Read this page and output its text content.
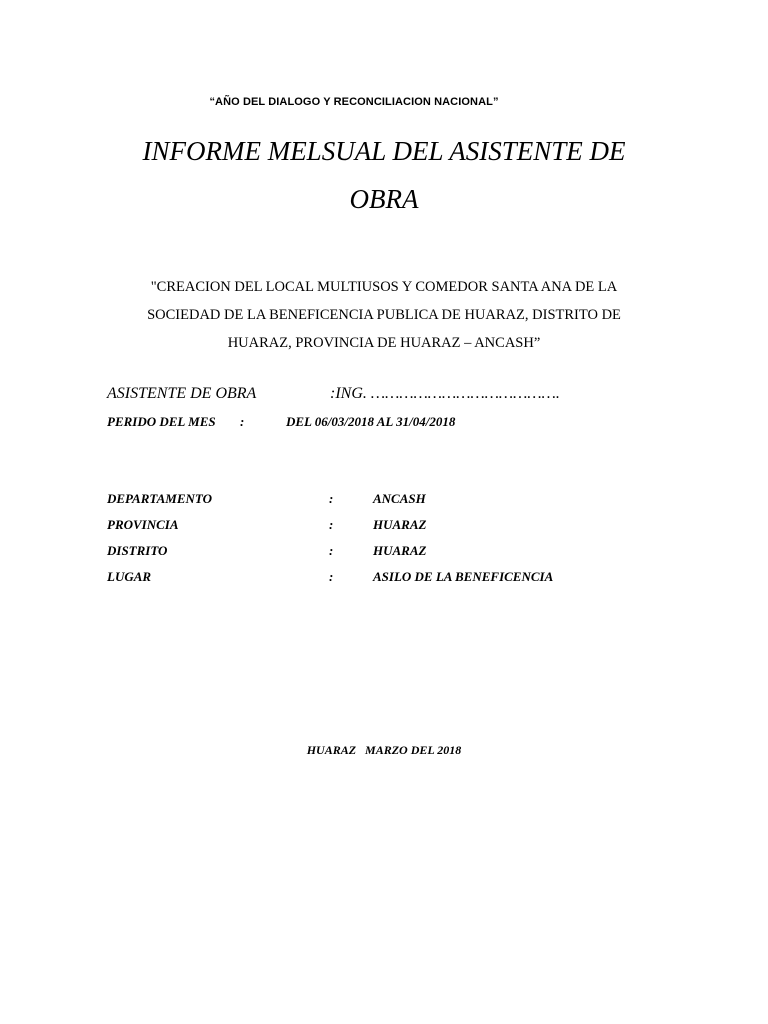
“AÑO DEL DIALOGO Y RECONCILIACION NACIONAL”
INFORME MELSUAL DEL ASISTENTE DE
OBRA
"CREACION DEL LOCAL MULTIUSOS Y COMEDOR SANTA ANA DE LA
SOCIEDAD DE LA BENEFICENCIA PUBLICA DE HUARAZ, DISTRITO DE
HUARAZ, PROVINCIA DE HUARAZ – ANCASH”
ASISTENTE DE OBRA	:ING. ………………………………….
PERIDO DEL MES :	DEL 06/03/2018 AL 31/04/2018
DEPARTAMENTO	:	ANCASH
PROVINCIA	:	HUARAZ
DISTRITO	:	HUARAZ
LUGAR	:	ASILO DE LA BENEFICENCIA
HUARAZ   MARZO DEL 2018
